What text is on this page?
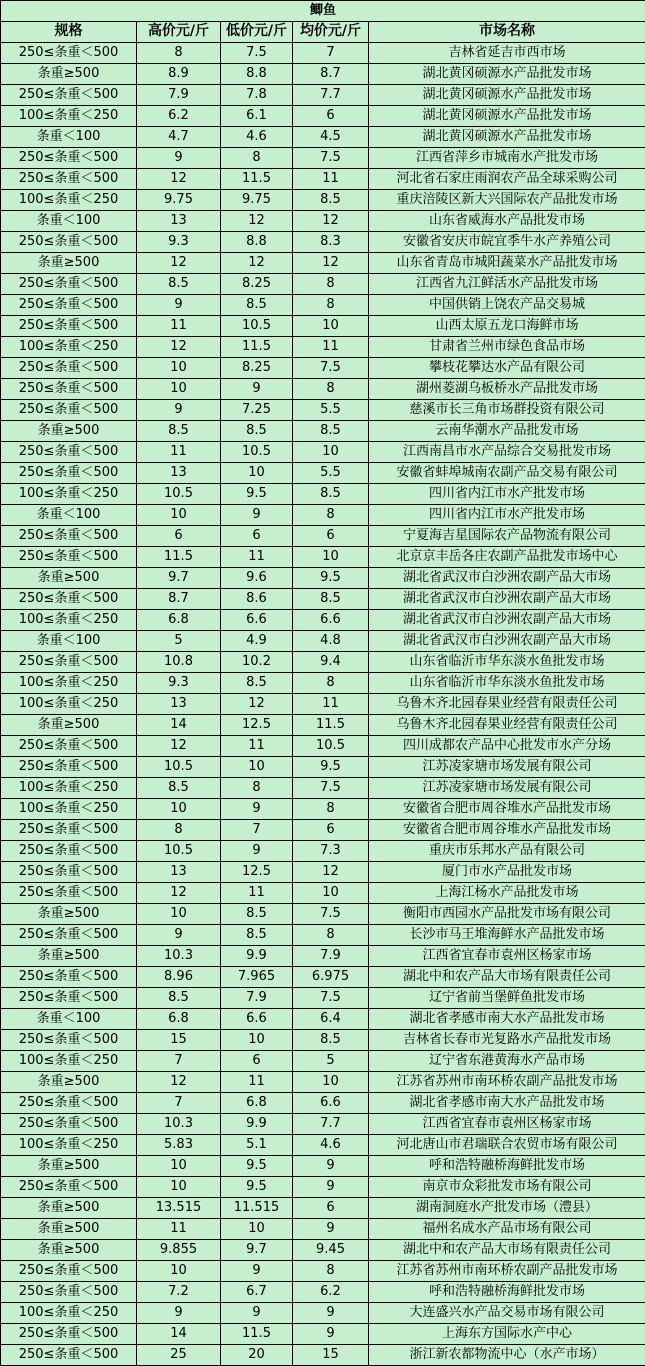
鲫鱼				
规格	高价元/斤	低价元/斤	均价元/斤	市场名称
250≤条重＜500	8	7.5	7	吉林省延吉市西市场
条重≥500	8.9	8.8	8.7	湖北黄冈硕源水产品批发市场
250≤条重＜500	7.9	7.8	7.7	湖北黄冈硕源水产品批发市场
100≤条重＜250	6.2	6.1	6	湖北黄冈硕源水产品批发市场
条重＜100	4.7	4.6	4.5	湖北黄冈硕源水产品批发市场
250≤条重＜500	9	8	7.5	江西省萍乡市城南水产批发市场
250≤条重＜500	12	11.5	11	河北省石家庄雨润农产品全球采购公司
100≤条重＜250	9.75	9.75	8.5	重庆涪陵区新大兴国际农产品批发市场
条重＜100	13	12	12	山东省威海水产品批发市场
250≤条重＜500	9.3	8.8	8.3	安徽省安庆市皖宜季牛水产养殖公司
条重≥500	12	12	12	山东省青岛市城阳蔬菜水产品批发市场
250≤条重＜500	8.5	8.25	8	江西省九江鲜活水产品批发市场
250≤条重＜500	9	8.5	8	中国供销上饶农产品交易城
250≤条重＜500	11	10.5	10	山西太原五龙口海鲜市场
100≤条重＜250	12	11.5	11	甘肃省兰州市绿色食品市场
250≤条重＜500	10	8.25	7.5	攀枝花攀达水产品有限公司
250≤条重＜500	10	9	8	湖州菱湖乌板桥水产品批发市场
250≤条重＜500	9	7.25	5.5	慈溪市长三角市场群投资有限公司
条重≥500	8.5	8.5	8.5	云南华潮水产品批发市场
250≤条重＜500	11	10.5	10	江西南昌市水产品综合交易批发市场
250≤条重＜500	13	10	5.5	安徽省蚌埠城南农副产品交易有限公司
100≤条重＜250	10.5	9.5	8.5	四川省内江市水产批发市场
条重＜100	10	9	8	四川省内江市水产批发市场
250≤条重＜500	6	6	6	宁夏海吉星国际农产品物流有限公司
250≤条重＜500	11.5	11	10	北京京丰岳各庄农副产品批发市场中心
条重≥500	9.7	9.6	9.5	湖北省武汉市白沙洲农副产品大市场
250≤条重＜500	8.7	8.6	8.5	湖北省武汉市白沙洲农副产品大市场
100≤条重＜250	6.8	6.6	6.6	湖北省武汉市白沙洲农副产品大市场
条重＜100	5	4.9	4.8	湖北省武汉市白沙洲农副产品大市场
250≤条重＜500	10.8	10.2	9.4	山东省临沂市华东淡水鱼批发市场
100≤条重＜250	9.3	8.5	8	山东省临沂市华东淡水鱼批发市场
100≤条重＜250	13	12	11	乌鲁木齐北园春果业经营有限责任公司
条重≥500	14	12.5	11.5	乌鲁木齐北园春果业经营有限责任公司
250≤条重＜500	12	11	10.5	四川成都农产品中心批发市水产分场
250≤条重＜500	10.5	10	9.5	江苏凌家塘市场发展有限公司
100≤条重＜250	8.5	8	7.5	江苏凌家塘市场发展有限公司
100≤条重＜250	10	9	8	安徽省合肥市周谷堆水产品批发市场
250≤条重＜500	8	7	6	安徽省合肥市周谷堆水产品批发市场
250≤条重＜500	10.5	9	7.3	重庆市乐邦水产品有限公司
250≤条重＜500	13	12.5	12	厦门市水产品批发市场
250≤条重＜500	12	11	10	上海江杨水产品批发市场
条重≥500	10	8.5	7.5	衡阳市西园水产品批发市场有限公司
250≤条重＜500	9	8.5	8	长沙市马王堆海鲜水产品批发市场
条重≥500	10.3	9.9	7.9	江西省宜春市袁州区杨家市场
250≤条重＜500	8.96	7.965	6.975	湖北中和农产品大市场有限责任公司
250≤条重＜500	8.5	7.9	7.5	辽宁省前当堡鲜鱼批发市场
条重＜100	6.8	6.6	6.4	湖北省孝感市南大水产品批发市场
250≤条重＜500	15	10	8.5	吉林省长春市光复路水产品批发市场
100≤条重＜250	7	6	5	辽宁省东港黄海水产品市场
条重≥500	12	11	10	江苏省苏州市南环桥农副产品批发市场
250≤条重＜500	7	6.8	6.6	湖北省孝感市南大水产品批发市场
250≤条重＜500	10.3	9.9	7.7	江西省宜春市袁州区杨家市场
100≤条重＜250	5.83	5.1	4.6	河北唐山市君瑞联合农贸市场有限公司
条重≥500	10	9.5	9	呼和浩特融桥海鲜批发市场
250≤条重＜500	10	9.5	9	南京市众彩批发市场有限公司
条重≥500	13.515	11.515	6	湖南洞庭水产批发市场（澧县）
条重≥500	11	10	9	福州名成水产品市场有限公司
条重≥500	9.855	9.7	9.45	湖北中和农产品大市场有限责任公司
250≤条重＜500	10	9	8	江苏省苏州市南环桥农副产品批发市场
250≤条重＜500	7.2	6.7	6.2	呼和浩特融桥海鲜批发市场
100≤条重＜250	9	9	9	大连盛兴水产品交易市场有限公司
250≤条重＜500	14	11.5	9	上海东方国际水产中心
250≤条重＜500	25	20	15	浙江新农都物流中心（水产市场）
